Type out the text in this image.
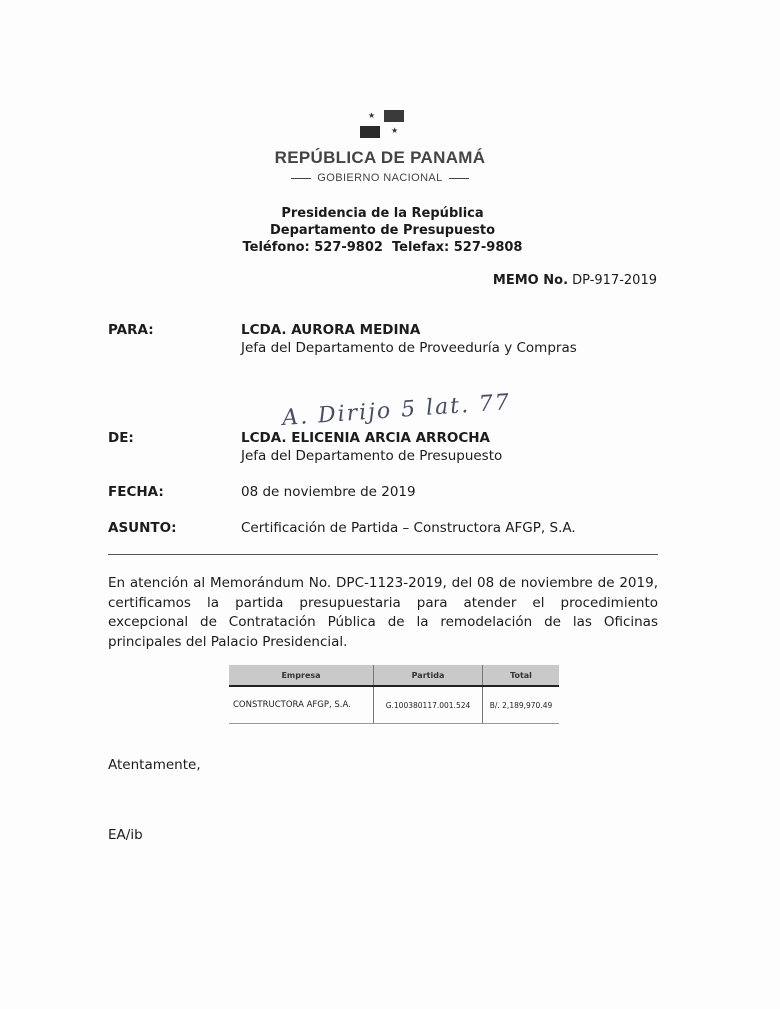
★
★
REPÚBLICA DE PANAMÁ
GOBIERNO NACIONAL
Presidencia de la República
Departamento de Presupuesto
Teléfono: 527-9802  Telefax: 527-9808
MEMO No. DP-917-2019
PARA:	LCDA. AURORA MEDINA
Jefa del Departamento de Proveeduría y Compras
A. Dirijo 5 lat. 77
DE:	LCDA. ELICENIA ARCIA ARROCHA
Jefa del Departamento de Presupuesto
FECHA:	08 de noviembre de 2019
ASUNTO:	Certificación de Partida – Constructora AFGP, S.A.
En atención al Memorándum No. DPC-1123-2019, del 08 de noviembre de 2019, certificamos la partida presupuestaria para atender el procedimiento excepcional de Contratación Pública de la remodelación de las Oficinas principales del Palacio Presidencial.
Empresa	Partida	Total
CONSTRUCTORA AFGP, S.A.	G.100380117.001.524	B/. 2,189,970.49
Atentamente,
EA/ib
